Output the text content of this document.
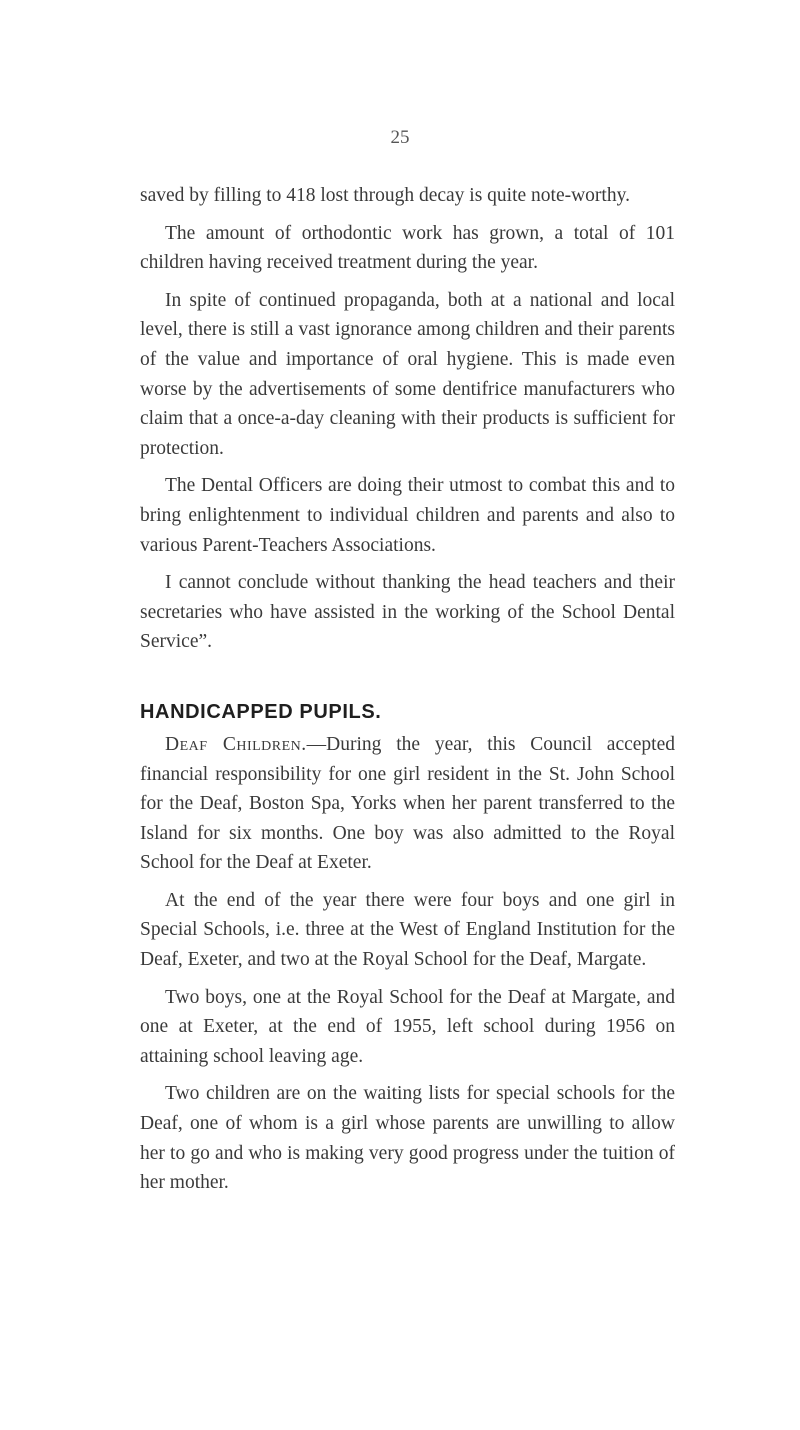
25

saved by filling to 418 lost through decay is quite note-worthy.

The amount of orthodontic work has grown, a total of 101 children having received treatment during the year.

In spite of continued propaganda, both at a national and local level, there is still a vast ignorance among children and their parents of the value and importance of oral hygiene. This is made even worse by the advertisements of some dentifrice manufacturers who claim that a once-a-day cleaning with their products is sufficient for protection.

The Dental Officers are doing their utmost to combat this and to bring enlightenment to individual children and parents and also to various Parent-Teachers Associations.

I cannot conclude without thanking the head teachers and their secretaries who have assisted in the working of the School Dental Service”.

HANDICAPPED PUPILS.

Deaf Children.—During the year, this Council accepted financial responsibility for one girl resident in the St. John School for the Deaf, Boston Spa, Yorks when her parent transferred to the Island for six months. One boy was also admitted to the Royal School for the Deaf at Exeter.

At the end of the year there were four boys and one girl in Special Schools, i.e. three at the West of England Institution for the Deaf, Exeter, and two at the Royal School for the Deaf, Margate.

Two boys, one at the Royal School for the Deaf at Margate, and one at Exeter, at the end of 1955, left school during 1956 on attaining school leaving age.

Two children are on the waiting lists for special schools for the Deaf, one of whom is a girl whose parents are unwilling to allow her to go and who is making very good progress under the tuition of her mother.
